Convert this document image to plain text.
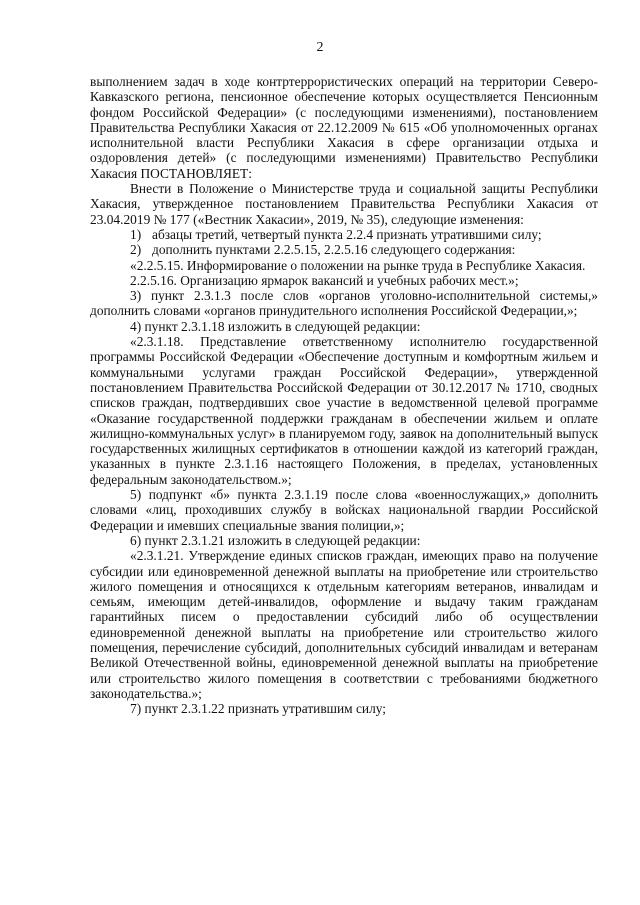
2

выполнением задач в ходе контртеррористических операций на территории Северо-Кавказского региона, пенсионное обеспечение которых осуществляется Пенсионным фондом Российской Федерации» (с последующими изменениями), постановлением Правительства Республики Хакасия от 22.12.2009 № 615 «Об уполномоченных органах исполнительной власти Республики Хакасия в сфере организации отдыха и оздоровления детей» (с последующими изменениями) Правительство Республики Хакасия ПОСТАНОВЛЯЕТ:

Внести в Положение о Министерстве труда и социальной защиты Республики Хакасия, утвержденное постановлением Правительства Республики Хакасия от 23.04.2019 № 177 («Вестник Хакасии», 2019, № 35), следующие изменения:

1) абзацы третий, четвертый пункта 2.2.4 признать утратившими силу;

2) дополнить пунктами 2.2.5.15, 2.2.5.16 следующего содержания:

«2.2.5.15. Информирование о положении на рынке труда в Республике Хакасия.

2.2.5.16. Организацию ярмарок вакансий и учебных рабочих мест.»;

3) пункт 2.3.1.3 после слов «органов уголовно-исполнительной системы,» дополнить словами «органов принудительного исполнения Российской Федерации,»;

4) пункт 2.3.1.18 изложить в следующей редакции:

«2.3.1.18. Представление ответственному исполнителю государственной программы Российской Федерации «Обеспечение доступным и комфортным жильем и коммунальными услугами граждан Российской Федерации», утвержденной постановлением Правительства Российской Федерации от 30.12.2017 № 1710, сводных списков граждан, подтвердивших свое участие в ведомственной целевой программе «Оказание государственной поддержки гражданам в обеспечении жильем и оплате жилищно-коммунальных услуг» в планируемом году, заявок на дополнительный выпуск государственных жилищных сертификатов в отношении каждой из категорий граждан, указанных в пункте 2.3.1.16 настоящего Положения, в пределах, установленных федеральным законодательством.»;

5) подпункт «б» пункта 2.3.1.19 после слова «военнослужащих,» дополнить словами «лиц, проходивших службу в войсках национальной гвардии Российской Федерации и имевших специальные звания полиции,»;

6) пункт 2.3.1.21 изложить в следующей редакции:

«2.3.1.21. Утверждение единых списков граждан, имеющих право на получение субсидии или единовременной денежной выплаты на приобретение или строительство жилого помещения и относящихся к отдельным категориям ветеранов, инвалидам и семьям, имеющим детей-инвалидов, оформление и выдачу таким гражданам гарантийных писем о предоставлении субсидий либо об осуществлении единовременной денежной выплаты на приобретение или строительство жилого помещения, перечисление субсидий, дополнительных субсидий инвалидам и ветеранам Великой Отечественной войны, единовременной денежной выплаты на приобретение или строительство жилого помещения в соответствии с требованиями бюджетного законодательства.»;

7) пункт 2.3.1.22 признать утратившим силу;
